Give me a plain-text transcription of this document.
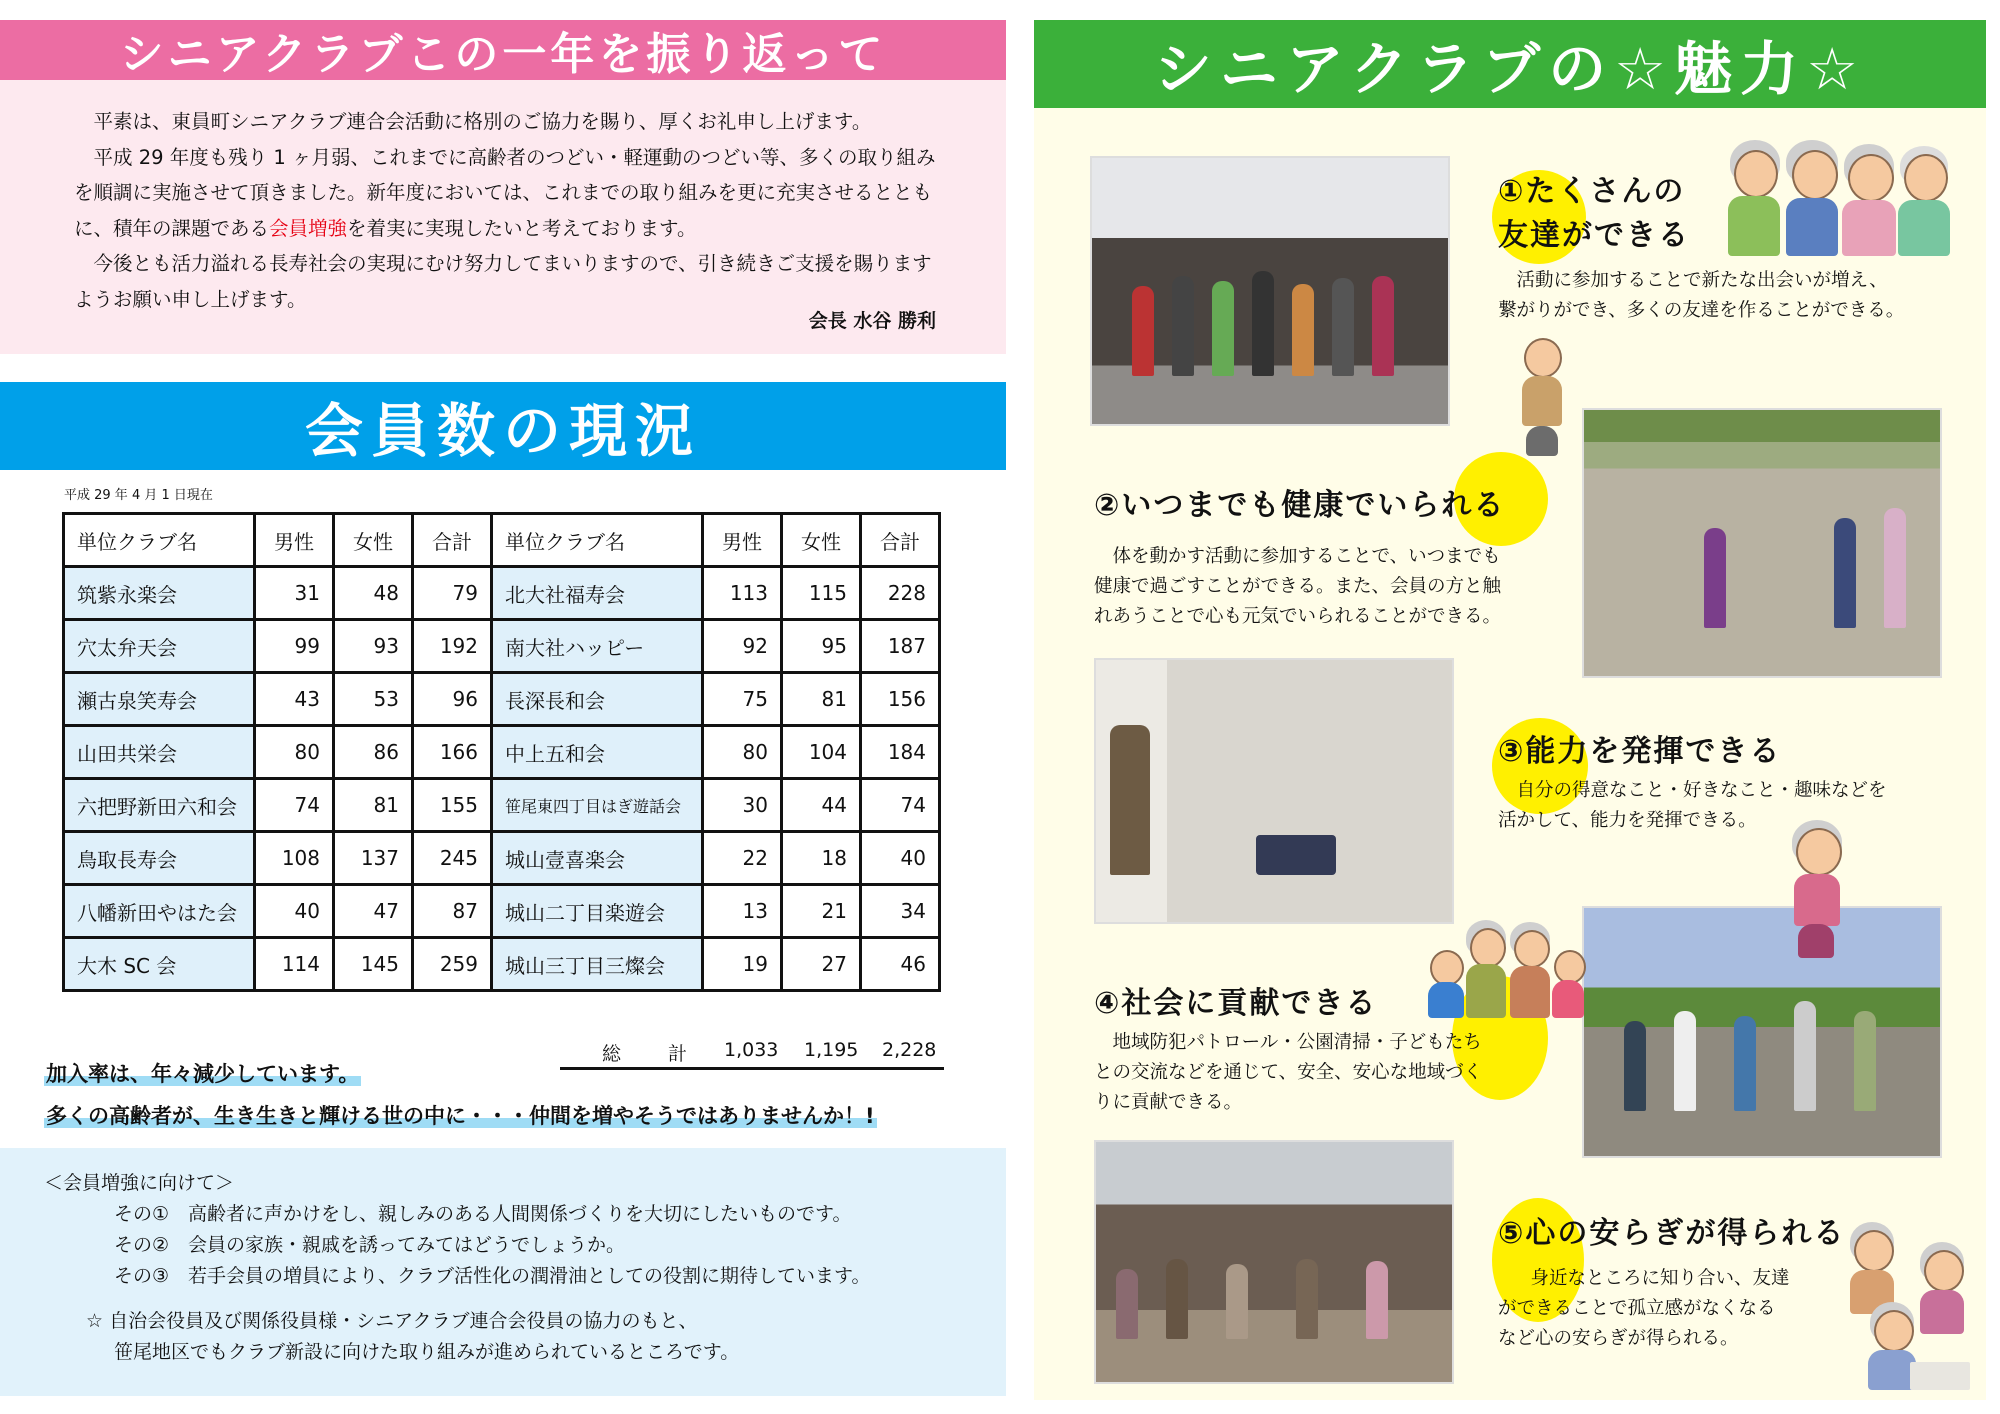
シニアクラブこの一年を振り返って

平素は、東員町シニアクラブ連合会活動に格別のご協力を賜り、厚くお礼申し上げます。

平成 29 年度も残り 1 ヶ月弱、これまでに高齢者のつどい・軽運動のつどい等、多くの取り組みを順調に実施させて頂きました。新年度においては、これまでの取り組みを更に充実させるとともに、積年の課題である会員増強を着実に実現したいと考えております。

今後とも活力溢れる長寿社会の実現にむけ努力してまいりますので、引き続きご支援を賜りますようお願い申し上げます。

会長 水谷 勝利
会員数の現況
平成 29 年 4 月 1 日現在
単位クラブ名	男性	女性	合計	単位クラブ名	男性	女性	合計
筑紫永楽会	31	48	79	北大社福寿会	113	115	228
穴太弁天会	99	93	192	南大社ハッピー	92	95	187
瀬古泉笑寿会	43	53	96	長深長和会	75	81	156
山田共栄会	80	86	166	中上五和会	80	104	184
六把野新田六和会	74	81	155	笹尾東四丁目はぎ遊話会	30	44	74
鳥取長寿会	108	137	245	城山壹喜楽会	22	18	40
八幡新田やはた会	40	47	87	城山二丁目楽遊会	13	21	34
大木 SC 会	114	145	259	城山三丁目三燦会	19	27	46
総 計 1,033 1,195 2,228
加入率は、年々減少しています。
多くの高齢者が、生き生きと輝ける世の中に・・・仲間を増やそうではありませんか！!
＜会員増強に向けて＞
その①　高齢者に声かけをし、親しみのある人間関係づくりを大切にしたいものです。
その②　会員の家族・親戚を誘ってみてはどうでしょうか。
その③　若手会員の増員により、クラブ活性化の潤滑油としての役割に期待しています。
☆ 自治会役員及び関係役員様・シニアクラブ連合会役員の協力のもと、
笹尾地区でもクラブ新設に向けた取り組みが進められているところです。
シニアクラブの☆魅力☆
①たくさんの
友達ができる
活動に参加することで新たな出会いが増え、
繋がりができ、多くの友達を作ることができる。
②いつまでも健康でいられる
体を動かす活動に参加することで、いつまでも
健康で過ごすことができる。また、会員の方と触
れあうことで心も元気でいられることができる。
③能力を発揮できる
自分の得意なこと・好きなこと・趣味などを
活かして、能力を発揮できる。
④社会に貢献できる
地域防犯パトロール・公園清掃・子どもたち
との交流などを通じて、安全、安心な地域づく
りに貢献できる。
⑤心の安らぎが得られる
身近なところに知り合い、友達
ができることで孤立感がなくなる
など心の安らぎが得られる。
